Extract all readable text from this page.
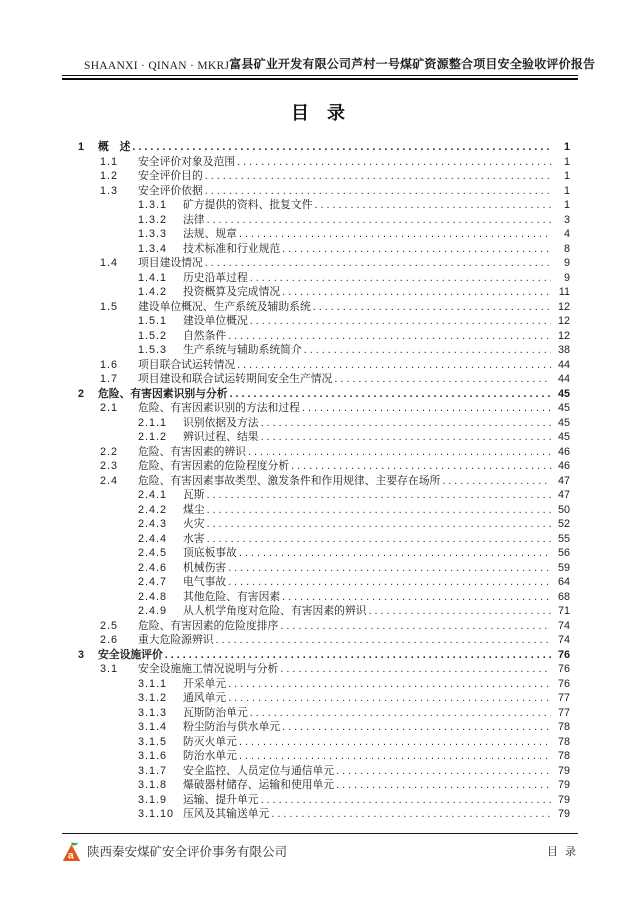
SHAANXI · QINAN · MKRJ 富县矿业开发有限公司芦村一号煤矿资源整合项目安全验收评价报告
目　录
1	概　述 .....	1
1.1	安全评价对象及范围 .....	1
1.2	安全评价目的 .....	1
1.3	安全评价依据 .....	1
1.3.1	矿方提供的资料、批复文件 .....	1
1.3.2	法律 .....	3
1.3.3	法规、规章 .....	4
1.3.4	技术标准和行业规范 .....	8
1.4	项目建设情况 .....	9
1.4.1	历史沿革过程 .....	9
1.4.2	投资概算及完成情况 .....	11
1.5	建设单位概况、生产系统及辅助系统 .....	12
1.5.1	建设单位概况 .....	12
1.5.2	自然条件 .....	12
1.5.3	生产系统与辅助系统简介 .....	38
1.6	项目联合试运转情况 .....	44
1.7	项目建设和联合试运转期间安全生产情况 .....	44
2	危险、有害因素识别与分析 .....	45
2.1	危险、有害因素识别的方法和过程 .....	45
2.1.1	识别依据及方法 .....	45
2.1.2	辨识过程、结果 .....	45
2.2	危险、有害因素的辨识 .....	46
2.3	危险、有害因素的危险程度分析 .....	46
2.4	危险、有害因素事故类型、激发条件和作用规律、主要存在场所 .....	47
2.4.1	瓦斯 .....	47
2.4.2	煤尘 .....	50
2.4.3	火灾 .....	52
2.4.4	水害 .....	55
2.4.5	顶底板事故 .....	56
2.4.6	机械伤害 .....	59
2.4.7	电气事故 .....	64
2.4.8	其他危险、有害因素 .....	68
2.4.9	从人机学角度对危险、有害因素的辨识 .....	71
2.5	危险、有害因素的危险度排序 .....	74
2.6	重大危险源辨识 .....	74
3	安全设施评价 .....	76
3.1	安全设施施工情况说明与分析 .....	76
3.1.1	开采单元 .....	76
3.1.2	通风单元 .....	77
3.1.3	瓦斯防治单元 .....	77
3.1.4	粉尘防治与供水单元 .....	78
3.1.5	防灭火单元 .....	78
3.1.6	防治水单元 .....	78
3.1.7	安全监控、人员定位与通信单元 .....	79
3.1.8	爆破器材储存、运输和使用单元 .....	79
3.1.9	运输、提升单元 .....	79
3.1.10 压风及其输送单元 .....	79
a 陕西秦安煤矿安全评价事务有限公司	目 录
